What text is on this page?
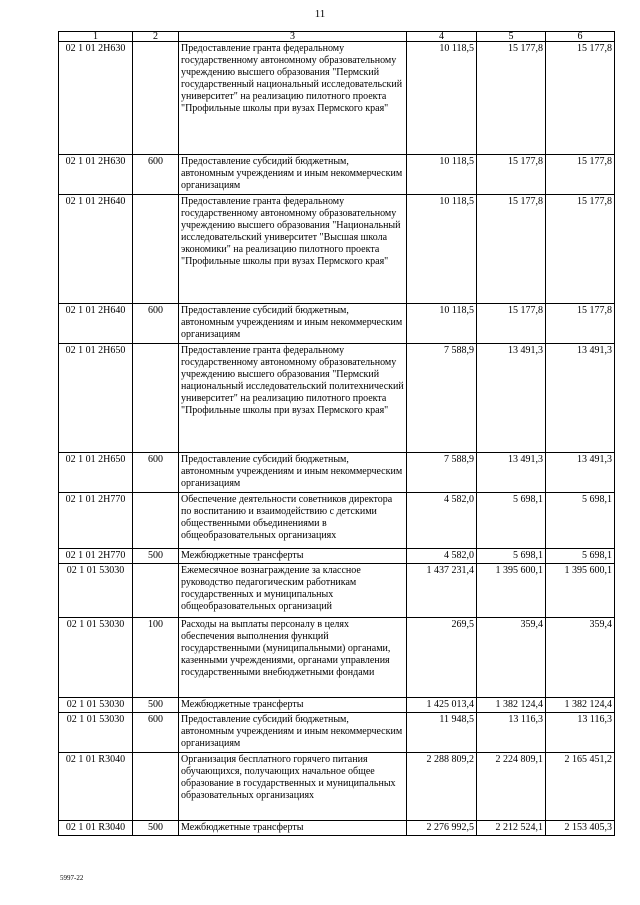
11
1	2	3	4	5	6
02 1 01 2Н630		Предоставление гранта федеральному государственному автономному образовательному учреждению высшего образования "Пермский государственный национальный исследовательский университет" на реализацию пилотного проекта "Профильные школы при вузах Пермского края"	10 118,5	15 177,8	15 177,8
02 1 01 2Н630	600	Предоставление субсидий бюджетным, автономным учреждениям и иным некоммерческим организациям	10 118,5	15 177,8	15 177,8
02 1 01 2Н640		Предоставление гранта федеральному государственному автономному образовательному учреждению высшего образования "Национальный исследовательский университет "Высшая школа экономики" на реализацию пилотного проекта "Профильные школы при вузах Пермского края"	10 118,5	15 177,8	15 177,8
02 1 01 2Н640	600	Предоставление субсидий бюджетным, автономным учреждениям и иным некоммерческим организациям	10 118,5	15 177,8	15 177,8
02 1 01 2Н650		Предоставление гранта федеральному государственному автономному образовательному учреждению высшего образования "Пермский национальный исследовательский политехнический университет" на реализацию пилотного проекта "Профильные школы при вузах Пермского края"	7 588,9	13 491,3	13 491,3
02 1 01 2Н650	600	Предоставление субсидий бюджетным, автономным учреждениям и иным некоммерческим организациям	7 588,9	13 491,3	13 491,3
02 1 01 2Н770		Обеспечение деятельности советников директора по воспитанию и взаимодействию с детскими общественными объединениями в общеобразовательных организациях	4 582,0	5 698,1	5 698,1
02 1 01 2Н770	500	Межбюджетные трансферты	4 582,0	5 698,1	5 698,1
02 1 01 53030		Ежемесячное вознаграждение за классное руководство педагогическим работникам государственных и муниципальных общеобразовательных организаций	1 437 231,4	1 395 600,1	1 395 600,1
02 1 01 53030	100	Расходы на выплаты персоналу в целях обеспечения выполнения функций государственными (муниципальными) органами, казенными учреждениями, органами управления государственными внебюджетными фондами	269,5	359,4	359,4
02 1 01 53030	500	Межбюджетные трансферты	1 425 013,4	1 382 124,4	1 382 124,4
02 1 01 53030	600	Предоставление субсидий бюджетным, автономным учреждениям и иным некоммерческим организациям	11 948,5	13 116,3	13 116,3
02 1 01 R3040		Организация бесплатного горячего питания обучающихся, получающих начальное общее образование в государственных и муниципальных образовательных организациях	2 288 809,2	2 224 809,1	2 165 451,2
02 1 01 R3040	500	Межбюджетные трансферты	2 276 992,5	2 212 524,1	2 153 405,3
5997-22
